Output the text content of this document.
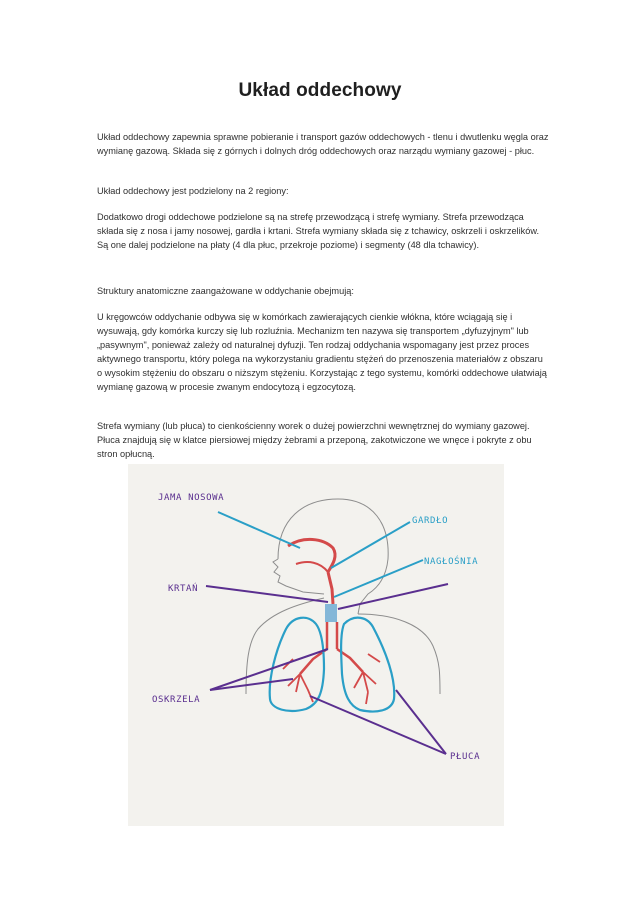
Układ oddechowy

Układ oddechowy zapewnia sprawne pobieranie i transport gazów oddechowych - tlenu i dwutlenku węgla oraz wymianę gazową. Składa się z górnych i dolnych dróg oddechowych oraz narządu wymiany gazowej - płuc.

Układ oddechowy jest podzielony na 2 regiony:

Dodatkowo drogi oddechowe podzielone są na strefę przewodzącą i strefę wymiany. Strefa przewodząca składa się z nosa i jamy nosowej, gardła i krtani. Strefa wymiany składa się z tchawicy, oskrzeli i oskrzelików. Są one dalej podzielone na płaty (4 dla płuc, przekroje poziome) i segmenty (48 dla tchawicy).

Struktury anatomiczne zaangażowane w oddychanie obejmują:

U kręgowców oddychanie odbywa się w komórkach zawierających cienkie włókna, które wciągają się i wysuwają, gdy komórka kurczy się lub rozluźnia. Mechanizm ten nazywa się transportem „dyfuzyjnym" lub „pasywnym", ponieważ zależy od naturalnej dyfuzji. Ten rodzaj oddychania wspomagany jest przez proces aktywnego transportu, który polega na wykorzystaniu gradientu stężeń do przenoszenia materiałów z obszaru o wysokim stężeniu do obszaru o niższym stężeniu. Korzystając z tego systemu, komórki oddechowe ułatwiają wymianę gazową w procesie zwanym endocytozą i egzocytozą.

Strefa wymiany (lub płuca) to cienkościenny worek o dużej powierzchni wewnętrznej do wymiany gazowej. Płuca znajdują się w klatce piersiowej między żebrami a przeponą, zakotwiczone we wnęce i pokryte z obu stron opłucną.

JAMA NOSOWA
GARDŁO
NAGŁOŚNIA
KRTAŃ
OSKRZELA
PŁUCA
